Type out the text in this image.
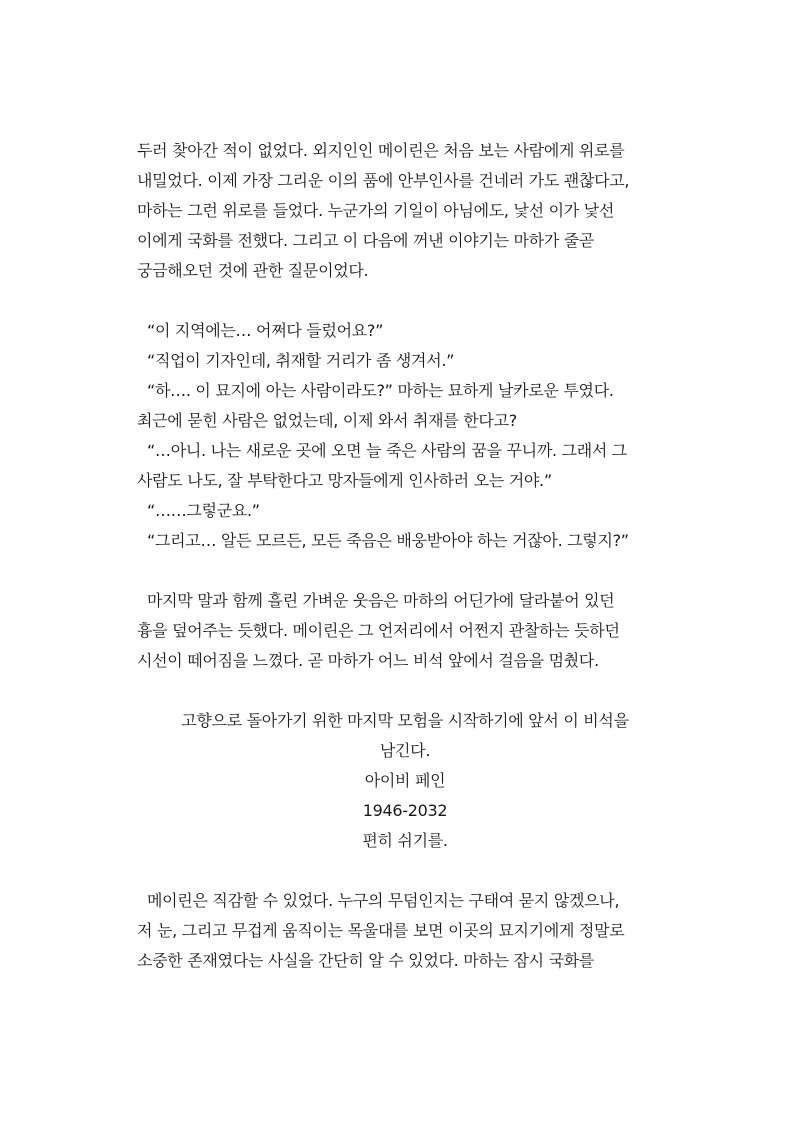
두러 찾아간 적이 없었다. 외지인인 메이린은 처음 보는 사람에게 위로를
내밀었다. 이제 가장 그리운 이의 품에 안부인사를 건네러 가도 괜찮다고,
마하는 그런 위로를 들었다. 누군가의 기일이 아님에도, 낯선 이가 낯선
이에게 국화를 전했다. 그리고 이 다음에 꺼낸 이야기는 마하가 줄곧
궁금해오던 것에 관한 질문이었다.
“이 지역에는… 어쩌다 들렀어요?”
“직업이 기자인데, 취재할 거리가 좀 생겨서.”
“하…. 이 묘지에 아는 사람이라도?” 마하는 묘하게 날카로운 투였다.
최근에 묻힌 사람은 없었는데, 이제 와서 취재를 한다고?
“…아니. 나는 새로운 곳에 오면 늘 죽은 사람의 꿈을 꾸니까. 그래서 그
사람도 나도, 잘 부탁한다고 망자들에게 인사하러 오는 거야.”
“……그렇군요.”
“그리고… 알든 모르든, 모든 죽음은 배웅받아야 하는 거잖아. 그렇지?”
마지막 말과 함께 흘린 가벼운 웃음은 마하의 어딘가에 달라붙어 있던
흉을 덮어주는 듯했다. 메이린은 그 언저리에서 어쩐지 관찰하는 듯하던
시선이 떼어짐을 느꼈다. 곧 마하가 어느 비석 앞에서 걸음을 멈췄다.
고향으로 돌아가기 위한 마지막 모험을 시작하기에 앞서 이 비석을
남긴다.
아이비 페인
1946-2032
편히 쉬기를.
메이린은 직감할 수 있었다. 누구의 무덤인지는 구태여 묻지 않겠으나,
저 눈, 그리고 무겁게 움직이는 목울대를 보면 이곳의 묘지기에게 정말로
소중한 존재였다는 사실을 간단히 알 수 있었다. 마하는 잠시 국화를
